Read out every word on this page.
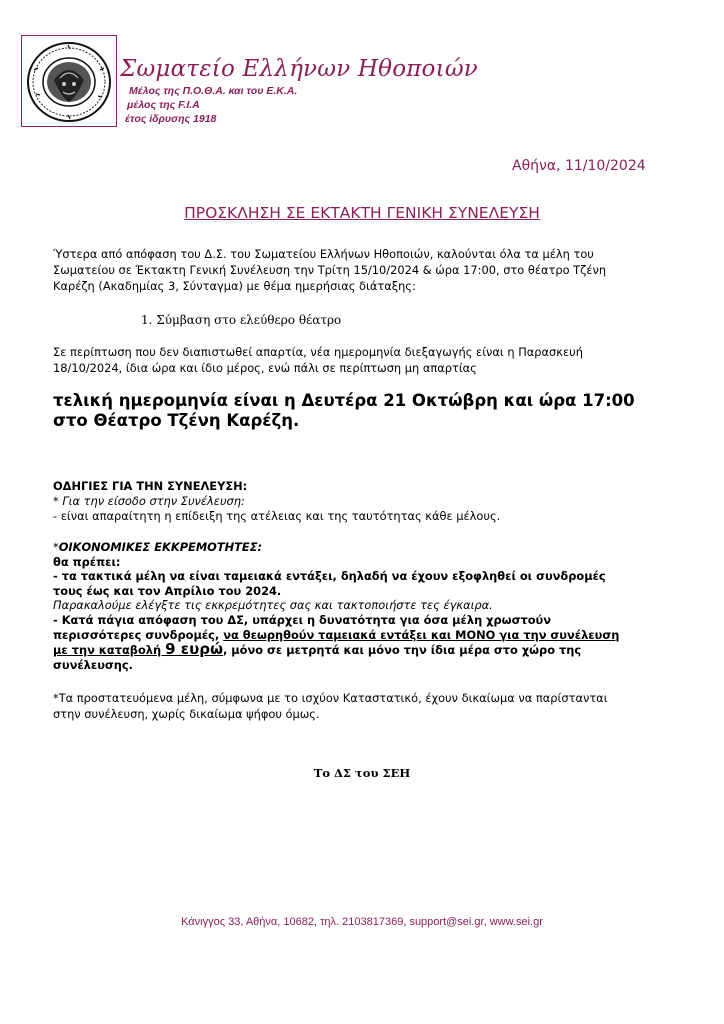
Σωματείο Ελλήνων Ηθοποιών
Μέλος της Π.Ο.Θ.Α. και του Ε.Κ.Α.
μέλος της F.I.A
έτος ίδρυσης 1918
Αθήνα, 11/10/2024
ΠΡΟΣΚΛΗΣΗ ΣΕ ΕΚΤΑΚΤΗ ΓΕΝΙΚΗ ΣΥΝΕΛΕΥΣΗ
Ύστερα από απόφαση του Δ.Σ. του Σωματείου Ελλήνων Ηθοποιών, καλούνται όλα τα μέλη του
Σωματείου σε Έκτακτη Γενική Συνέλευση την Τρίτη 15/10/2024 & ώρα 17:00, στο θέατρο Τζένη
Καρέζη (Ακαδημίας 3, Σύνταγμα) με θέμα ημερήσιας διάταξης:
1. Σύμβαση στο ελεύθερο θέατρο
Σε περίπτωση που δεν διαπιστωθεί απαρτία, νέα ημερομηνία διεξαγωγής είναι η Παρασκευή
18/10/2024, ίδια ώρα και ίδιο μέρος, ενώ πάλι σε περίπτωση μη απαρτίας
τελική ημερομηνία είναι η Δευτέρα 21 Οκτώβρη και ώρα 17:00
στο Θέατρο Τζένη Καρέζη.
ΟΔΗΓΙΕΣ ΓΙΑ ΤΗΝ ΣΥΝΕΛΕΥΣΗ:
* Για την είσοδο στην Συνέλευση:
- είναι απαραίτητη η επίδειξη της ατέλειας και της ταυτότητας κάθε μέλους.
*ΟΙΚΟΝΟΜΙΚΕΣ ΕΚΚΡΕΜΟΤΗΤΕΣ:
θα πρέπει:
- τα τακτικά μέλη να είναι ταμειακά εντάξει, δηλαδή να έχουν εξοφληθεί οι συνδρομές
τους έως και τον Απρίλιο του 2024.
Παρακαλούμε ελέγξτε τις εκκρεμότητες σας και τακτοποιήστε τες έγκαιρα.
- Κατά πάγια απόφαση του ΔΣ, υπάρχει η δυνατότητα για όσα μέλη χρωστούν
περισσότερες συνδρομές, να θεωρηθούν ταμειακά εντάξει και ΜΟΝΟ για την συνέλευση
με την καταβολή 9 ευρώ, μόνο σε μετρητά και μόνο την ίδια μέρα στο χώρο της
συνέλευσης.
*Τα προστατευόμενα μέλη, σύμφωνα με το ισχύον Καταστατικό, έχουν δικαίωμα να παρίστανται
στην συνέλευση, χωρίς δικαίωμα ψήφου όμως.
Το ΔΣ του ΣΕΗ
Κάνιγγος 33, Αθήνα, 10682, τηλ. 2103817369, support@sei.gr, www.sei.gr
